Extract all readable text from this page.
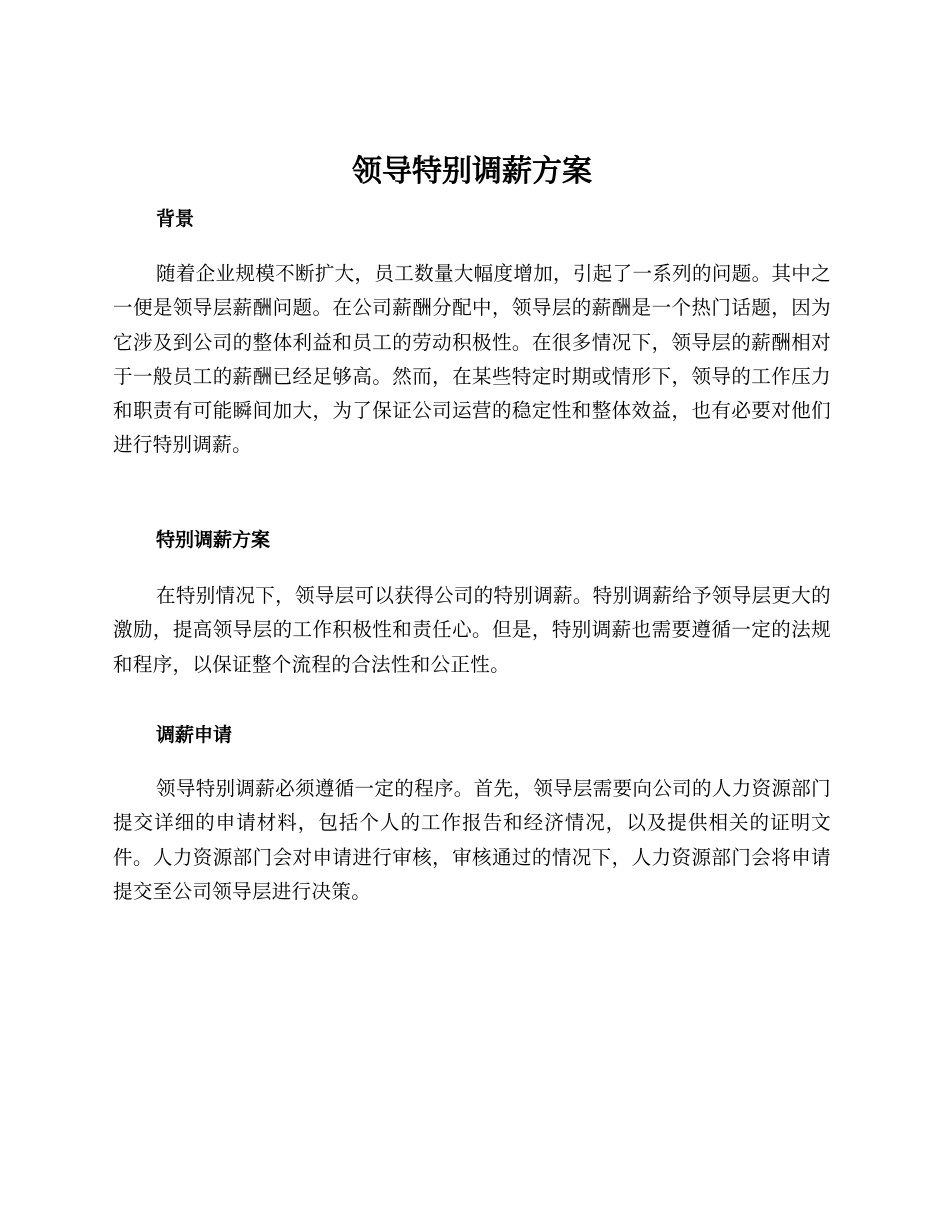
领导特别调薪方案
背景

随着企业规模不断扩大，员工数量大幅度增加，引起了一系列的问题。其中之一便是领导层薪酬问题。在公司薪酬分配中，领导层的薪酬是一个热门话题，因为它涉及到公司的整体利益和员工的劳动积极性。在很多情况下，领导层的薪酬相对于一般员工的薪酬已经足够高。然而，在某些特定时期或情形下，领导的工作压力和职责有可能瞬间加大，为了保证公司运营的稳定性和整体效益，也有必要对他们进行特别调薪。

特别调薪方案

在特别情况下，领导层可以获得公司的特别调薪。特别调薪给予领导层更大的激励，提高领导层的工作积极性和责任心。但是，特别调薪也需要遵循一定的法规和程序，以保证整个流程的合法性和公正性。

调薪申请

领导特别调薪必须遵循一定的程序。首先，领导层需要向公司的人力资源部门提交详细的申请材料，包括个人的工作报告和经济情况，以及提供相关的证明文件。人力资源部门会对申请进行审核，审核通过的情况下，人力资源部门会将申请提交至公司领导层进行决策。
